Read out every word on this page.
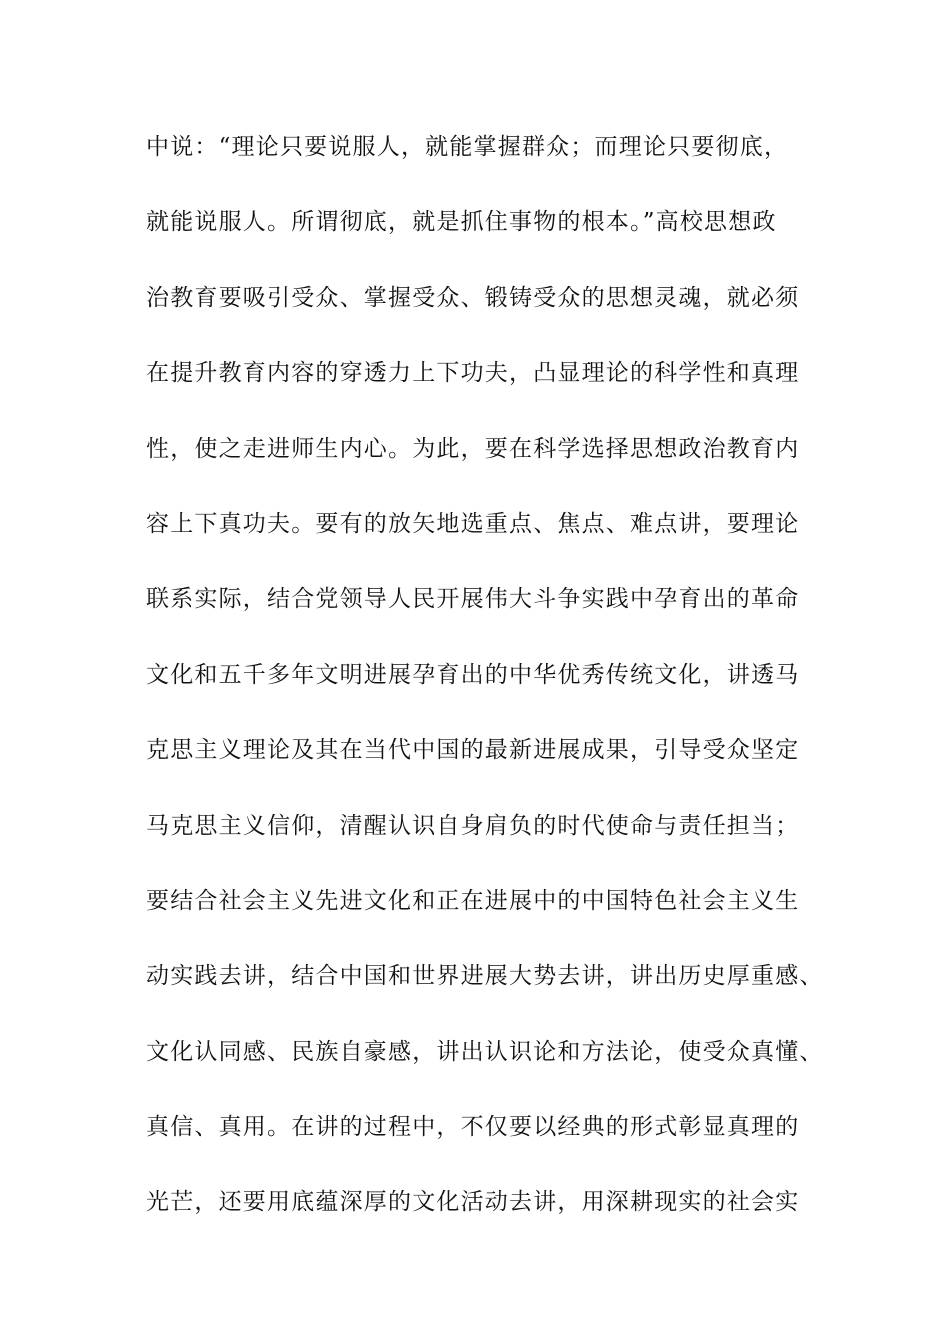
中说：“理论只要说服人，就能掌握群众；而理论只要彻底，
就能说服人。所谓彻底，就是抓住事物的根本。”高校思想政
治教育要吸引受众、掌握受众、锻铸受众的思想灵魂，就必须
在提升教育内容的穿透力上下功夫，凸显理论的科学性和真理
性，使之走进师生内心。为此，要在科学选择思想政治教育内
容上下真功夫。要有的放矢地选重点、焦点、难点讲，要理论
联系实际，结合党领导人民开展伟大斗争实践中孕育出的革命
文化和五千多年文明进展孕育出的中华优秀传统文化，讲透马
克思主义理论及其在当代中国的最新进展成果，引导受众坚定
马克思主义信仰，清醒认识自身肩负的时代使命与责任担当；
要结合社会主义先进文化和正在进展中的中国特色社会主义生
动实践去讲，结合中国和世界进展大势去讲，讲出历史厚重感、
文化认同感、民族自豪感，讲出认识论和方法论，使受众真懂、
真信、真用。在讲的过程中，不仅要以经典的形式彰显真理的
光芒，还要用底蕴深厚的文化活动去讲，用深耕现实的社会实
